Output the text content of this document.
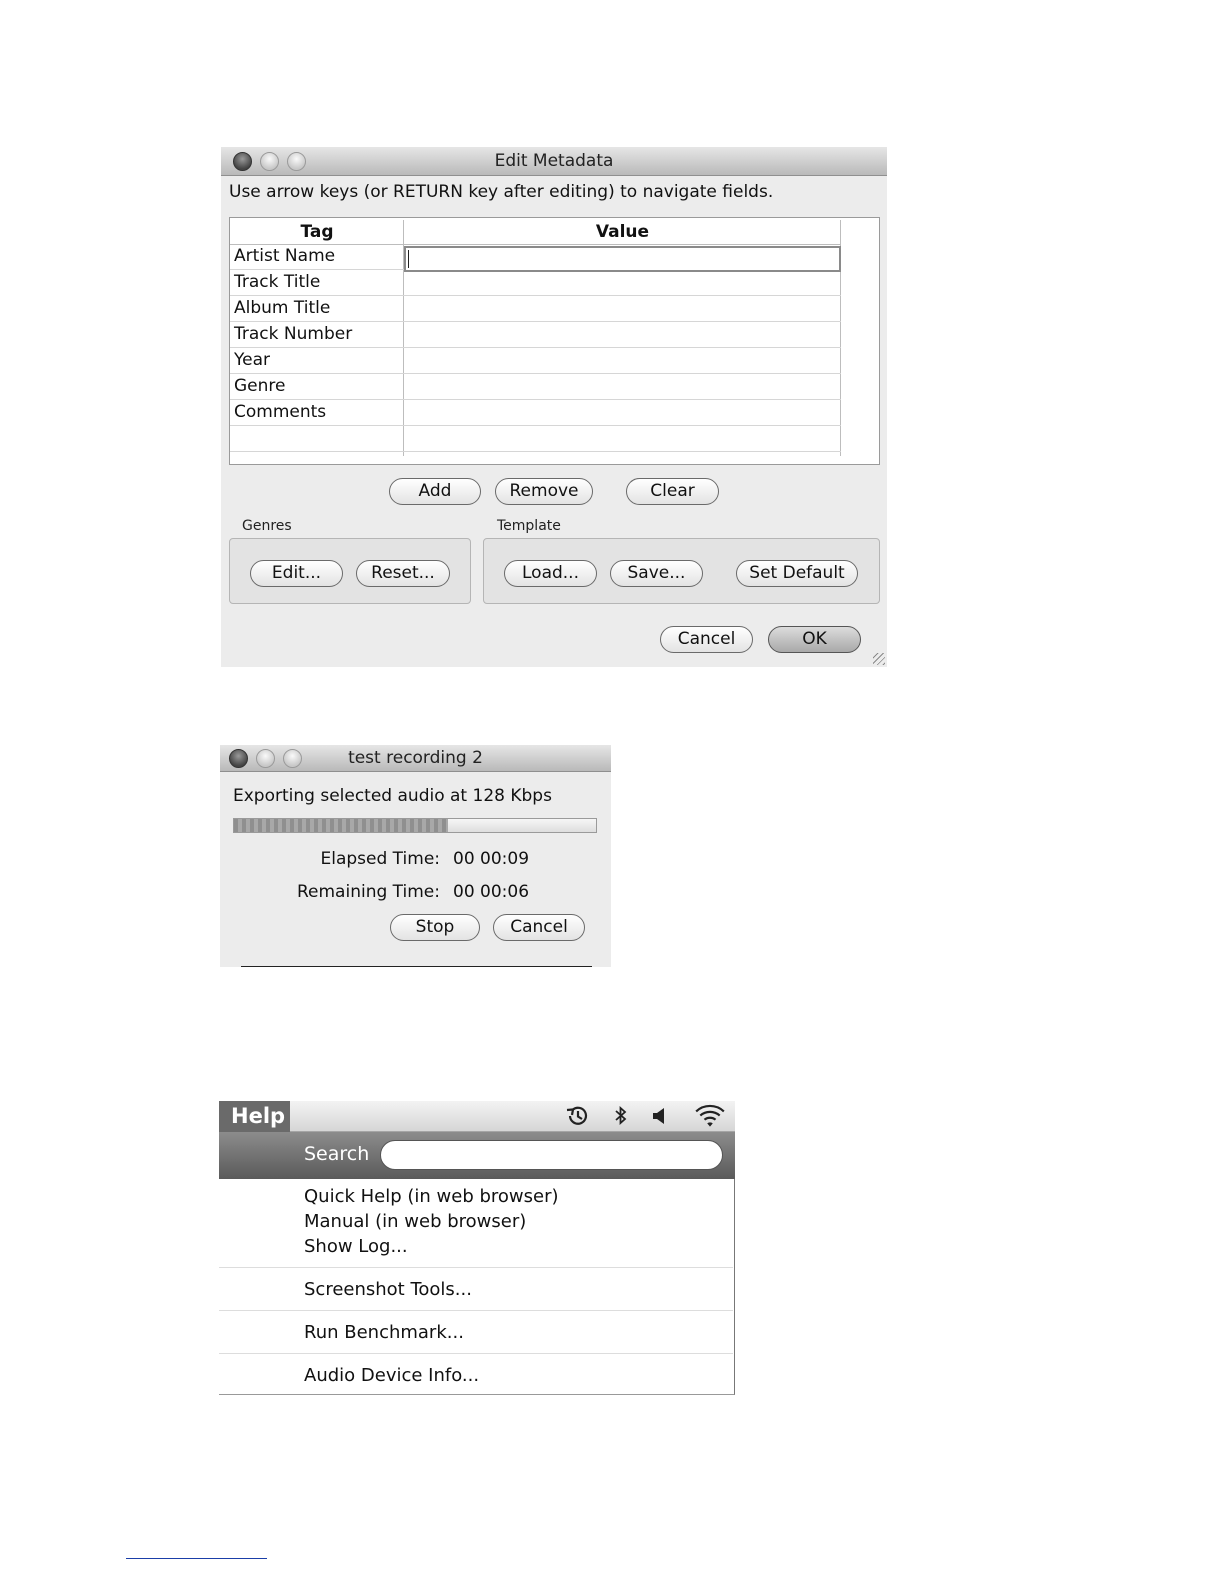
Edit Metadata
Use arrow keys (or RETURN key after editing) to navigate fields.
Tag	Value
Artist Name
Track Title
Album Title
Track Number
Year
Genre
Comments
Add	Remove	Clear
Genres
Edit...	Reset...
Template
Load...	Save...	Set Default
Cancel	OK
test recording 2
Exporting selected audio at 128 Kbps
Elapsed Time: 00 00:09
Remaining Time: 00 00:06
Stop	Cancel
Help
Search
Quick Help (in web browser)
Manual (in web browser)
Show Log...
Screenshot Tools...
Run Benchmark...
Audio Device Info...
